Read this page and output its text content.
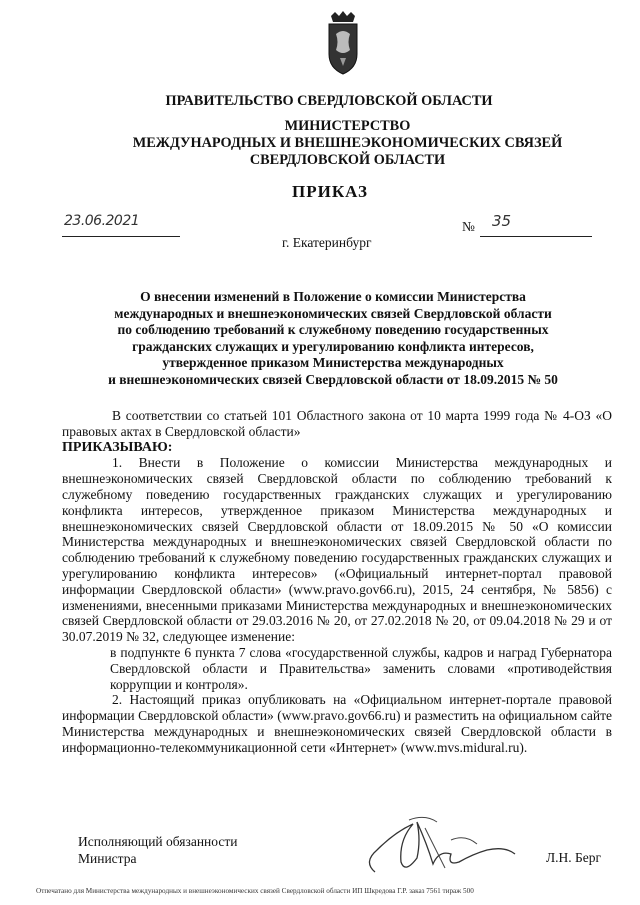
ПРАВИТЕЛЬСТВО СВЕРДЛОВСКОЙ ОБЛАСТИ
МИНИСТЕРСТВО
МЕЖДУНАРОДНЫХ И ВНЕШНЕЭКОНОМИЧЕСКИХ СВЯЗЕЙ
СВЕРДЛОВСКОЙ ОБЛАСТИ
ПРИКАЗ
23.06.2021	№ 35
г. Екатеринбург
О внесении изменений в Положение о комиссии Министерства
международных и внешнеэкономических связей Свердловской области
по соблюдению требований к служебному поведению государственных
гражданских служащих и урегулированию конфликта интересов,
утвержденное приказом Министерства международных
и внешнеэкономических связей Свердловской области от 18.09.2015 № 50

В соответствии со статьей 101 Областного закона от 10 марта 1999 года № 4-ОЗ «О правовых актах в Свердловской области»

ПРИКАЗЫВАЮ:

1. Внести в Положение о комиссии Министерства международных и внешнеэкономических связей Свердловской области по соблюдению требований к служебному поведению государственных гражданских служащих и урегулированию конфликта интересов, утвержденное приказом Министерства международных и внешнеэкономических связей Свердловской области от 18.09.2015 № 50 «О комиссии Министерства международных и внешнеэкономических связей Свердловской области по соблюдению требований к служебному поведению государственных гражданских служащих и урегулированию конфликта интересов» («Официальный интернет-портал правовой информации Свердловской области» (www.pravo.gov66.ru), 2015, 24 сентября, № 5856) с изменениями, внесенными приказами Министерства международных и внешнеэкономических связей Свердловской области от 29.03.2016 № 20, от 27.02.2018 № 20, от 09.04.2018 № 29 и от 30.07.2019 № 32, следующее изменение:

в подпункте 6 пункта 7 слова «государственной службы, кадров и наград Губернатора Свердловской области и Правительства» заменить словами «противодействия коррупции и контроля».

2. Настоящий приказ опубликовать на «Официальном интернет-портале правовой информации Свердловской области» (www.pravo.gov66.ru) и разместить на официальном сайте Министерства международных и внешнеэкономических связей Свердловской области в информационно-телекоммуникационной сети «Интернет» (www.mvs.midural.ru).

Исполняющий обязанности
Министра	Л.Н. Берг
Отпечатано для Министерства международных и внешнеэкономических связей Свердловской области ИП Шкредова Г.Р. заказ 7561 тираж 500
